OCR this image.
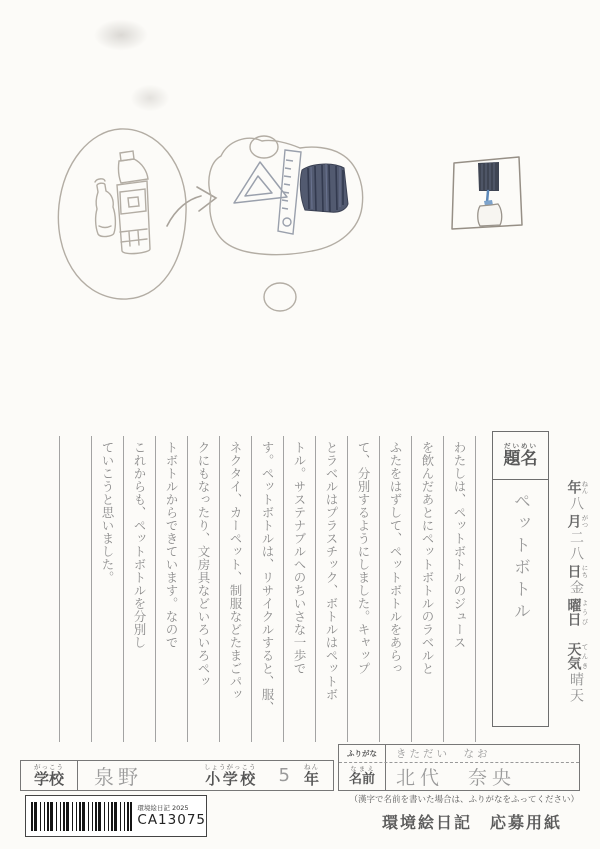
わたしは、ペットボトルのジュース
を飲んだあとにペットボトルのラベルと
ふたをはずして、ペットボトルをあらっ
て、分別するようにしました。キャップ
とラベルはプラスチック、ボトルはペットボ
トル。サステナブルへのちいさな一歩で
す。ペットボトルは、リサイクルすると、服、
ネクタイ、カーペット、制服などたまごパッ
クにもなったり、文房具などいろいろペッ
トボトルからできています。なので
これからも、ペットボトルを分別し
ていこうと思いました。	題名だいめい
ペットボトル
年 ねん
八
月 がつ
二八
日 にち
金
曜日 ようび
天気 てんき
晴天
学校がっこう 泉野	小学校しょうがっこう 5 年ねん
ふりがな	きただい　なお
名前なまえ 北代　奈央
（漢字で名前を書いた場合は、ふりがなをふってください）
環境絵日記　応募用紙
環境絵日記 2025
CA13075
